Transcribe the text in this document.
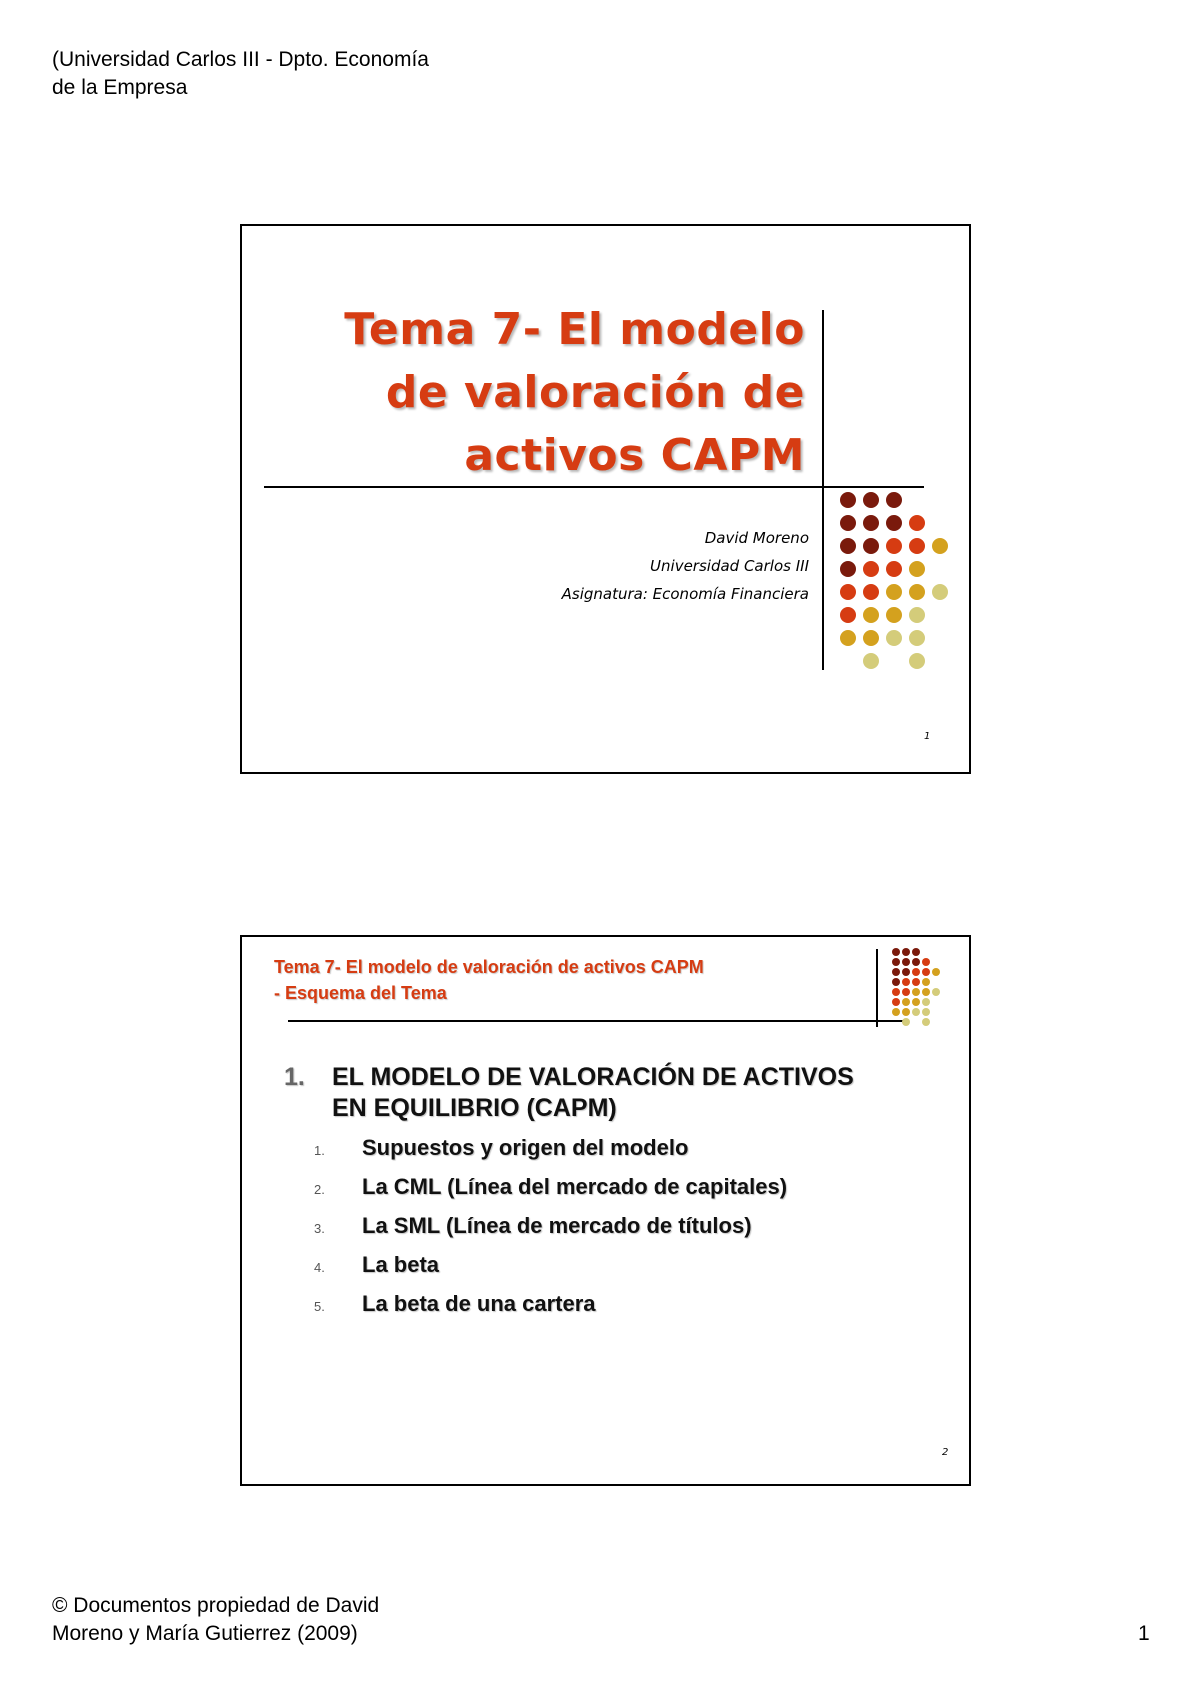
(Universidad Carlos III - Dpto. Economía
de la Empresa
Tema 7- El modelo
de valoración de
activos CAPM
David Moreno
Universidad Carlos III
Asignatura: Economía Financiera
1
Tema 7- El modelo de valoración de activos CAPM
- Esquema del Tema
1.	EL MODELO DE VALORACIÓN DE ACTIVOS
EN EQUILIBRIO (CAPM)
1.	Supuestos y origen del modelo
2.	La CML (Línea del mercado de capitales)
3.	La SML (Línea de mercado de títulos)
4.	La beta
5.	La beta de una cartera
2
© Documentos propiedad de David
Moreno y María Gutierrez (2009)	1
